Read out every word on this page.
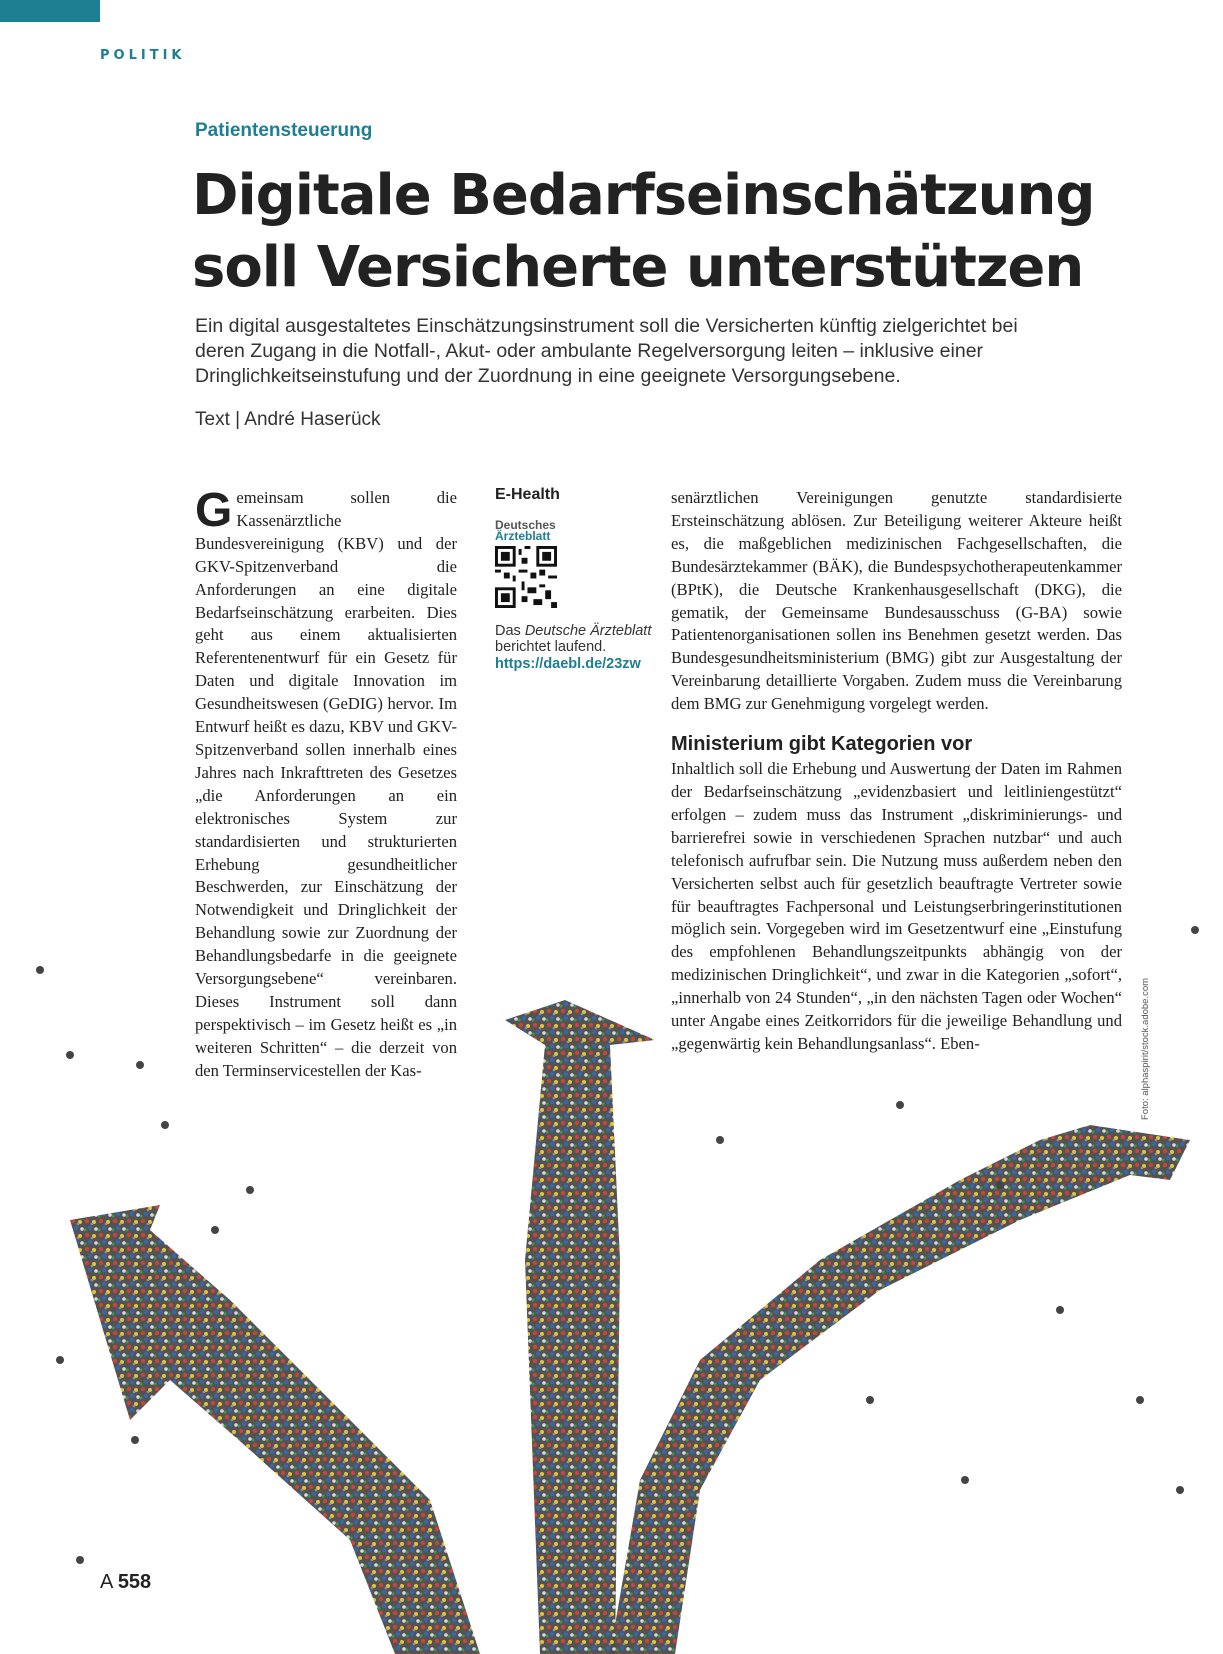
POLITIK
Patientensteuerung
Digitale Bedarfseinschätzung
soll Versicherte unterstützen
Ein digital ausgestaltetes Einschätzungsinstrument soll die Versicherten künftig zielgerichtet bei deren Zugang in die Notfall-, Akut- oder ambulante Regelversorgung leiten – inklusive einer Dringlichkeitseinstufung und der Zuordnung in eine geeignete Versorgungsebene.
Text | André Haserück

Gemeinsam sollen die Kassenärztliche Bundesvereinigung (KBV) und der GKV-Spitzenverband die Anforderungen an eine digitale Bedarfseinschätzung erarbeiten. Dies geht aus einem aktualisierten Referentenentwurf für ein Gesetz für Daten und digitale Innovation im Gesundheitswesen (GeDIG) hervor. Im Entwurf heißt es dazu, KBV und GKV-Spitzenverband sollen innerhalb eines Jahres nach Inkrafttreten des Gesetzes „die Anforderungen an ein elektronisches System zur standardisierten und strukturierten Erhebung gesundheitlicher Beschwerden, zur Einschätzung der Notwendigkeit und Dringlichkeit der Behandlung sowie zur Zuordnung der Behandlungsbedarfe in die geeignete Versorgungsebene“ vereinbaren. Dieses Instrument soll dann perspektivisch – im Gesetz heißt es „in weiteren Schritten“ – die derzeit von den Terminservicestellen der Kas-

E-Health
Deutsches
Ärzteblatt
Das Deutsche Ärzteblatt berichtet laufend.
https://daebl.de/23zw

senärztlichen Vereinigungen genutzte standardisierte Ersteinschätzung ablösen. Zur Beteiligung weiterer Akteure heißt es, die maßgeblichen medizinischen Fachgesellschaften, die Bundesärztekammer (BÄK), die Bundespsychotherapeutenkammer (BPtK), die Deutsche Krankenhausgesellschaft (DKG), die gematik, der Gemeinsame Bundesausschuss (G-BA) sowie Patientenorganisationen sollen ins Benehmen gesetzt werden. Das Bundesgesundheitsministerium (BMG) gibt zur Ausgestaltung der Vereinbarung detaillierte Vorgaben. Zudem muss die Vereinbarung dem BMG zur Genehmigung vorgelegt werden.

Ministerium gibt Kategorien vor

Inhaltlich soll die Erhebung und Auswertung der Daten im Rahmen der Bedarfseinschätzung „evidenzbasiert und leitliniengestützt“ erfolgen – zudem muss das Instrument „diskriminierungs- und barrierefrei sowie in verschiedenen Sprachen nutzbar“ und auch telefonisch aufrufbar sein. Die Nutzung muss außerdem neben den Versicherten selbst auch für gesetzlich beauftragte Vertreter sowie für beauftragtes Fachpersonal und Leistungserbringerinstitutionen möglich sein. Vorgegeben wird im Gesetzentwurf eine „Einstufung des empfohlenen Behandlungszeitpunkts abhängig von der medizinischen Dringlichkeit“, und zwar in die Kategorien „sofort“, „innerhalb von 24 Stunden“, „in den nächsten Tagen oder Wochen“ unter Angabe eines Zeitkorridors für die jeweilige Behandlung und „gegenwärtig kein Behandlungsanlass“. Eben-	Foto: alphaspirit/stock.adobe.com
A 558
